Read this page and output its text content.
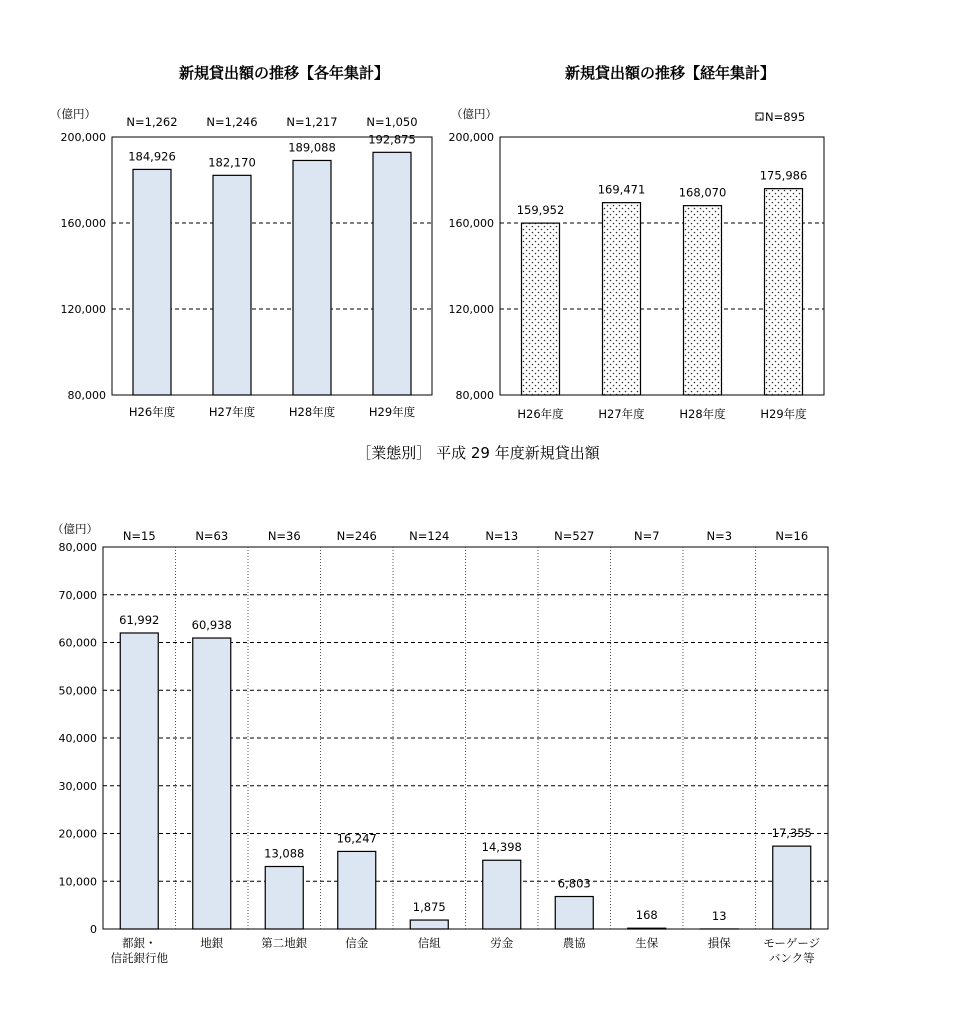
新規貸出額の推移【各年集計】
（億円）
80,000
120,000
160,000
200,000
184,926	182,170
189,088
192,875
N=1,262	N=1,246	N=1,217	N=1,050
H26年度	H27年度	H28年度	H29年度
新規貸出額の推移【経年集計】
（億円）	N=895
80,000
120,000
160,000
200,000
159,952
169,471	168,070
175,986
H26年度	H27年度	H28年度	H29年度
［業態別］ 平成 29 年度新規貸出額
（億円）
0
10,000
20,000
30,000
40,000
50,000
60,000
70,000
80,000
61,992	60,938
13,088
16,247
1,875
14,398
6,803
168	13
17,355
N=15	N=63	N=36	N=246	N=124	N=13	N=527	N=7	N=3	N=16
都銀・信託銀行他
地銀	第二地銀	信金	信組	労金	農協	生保	損保	モーゲージバンク等
